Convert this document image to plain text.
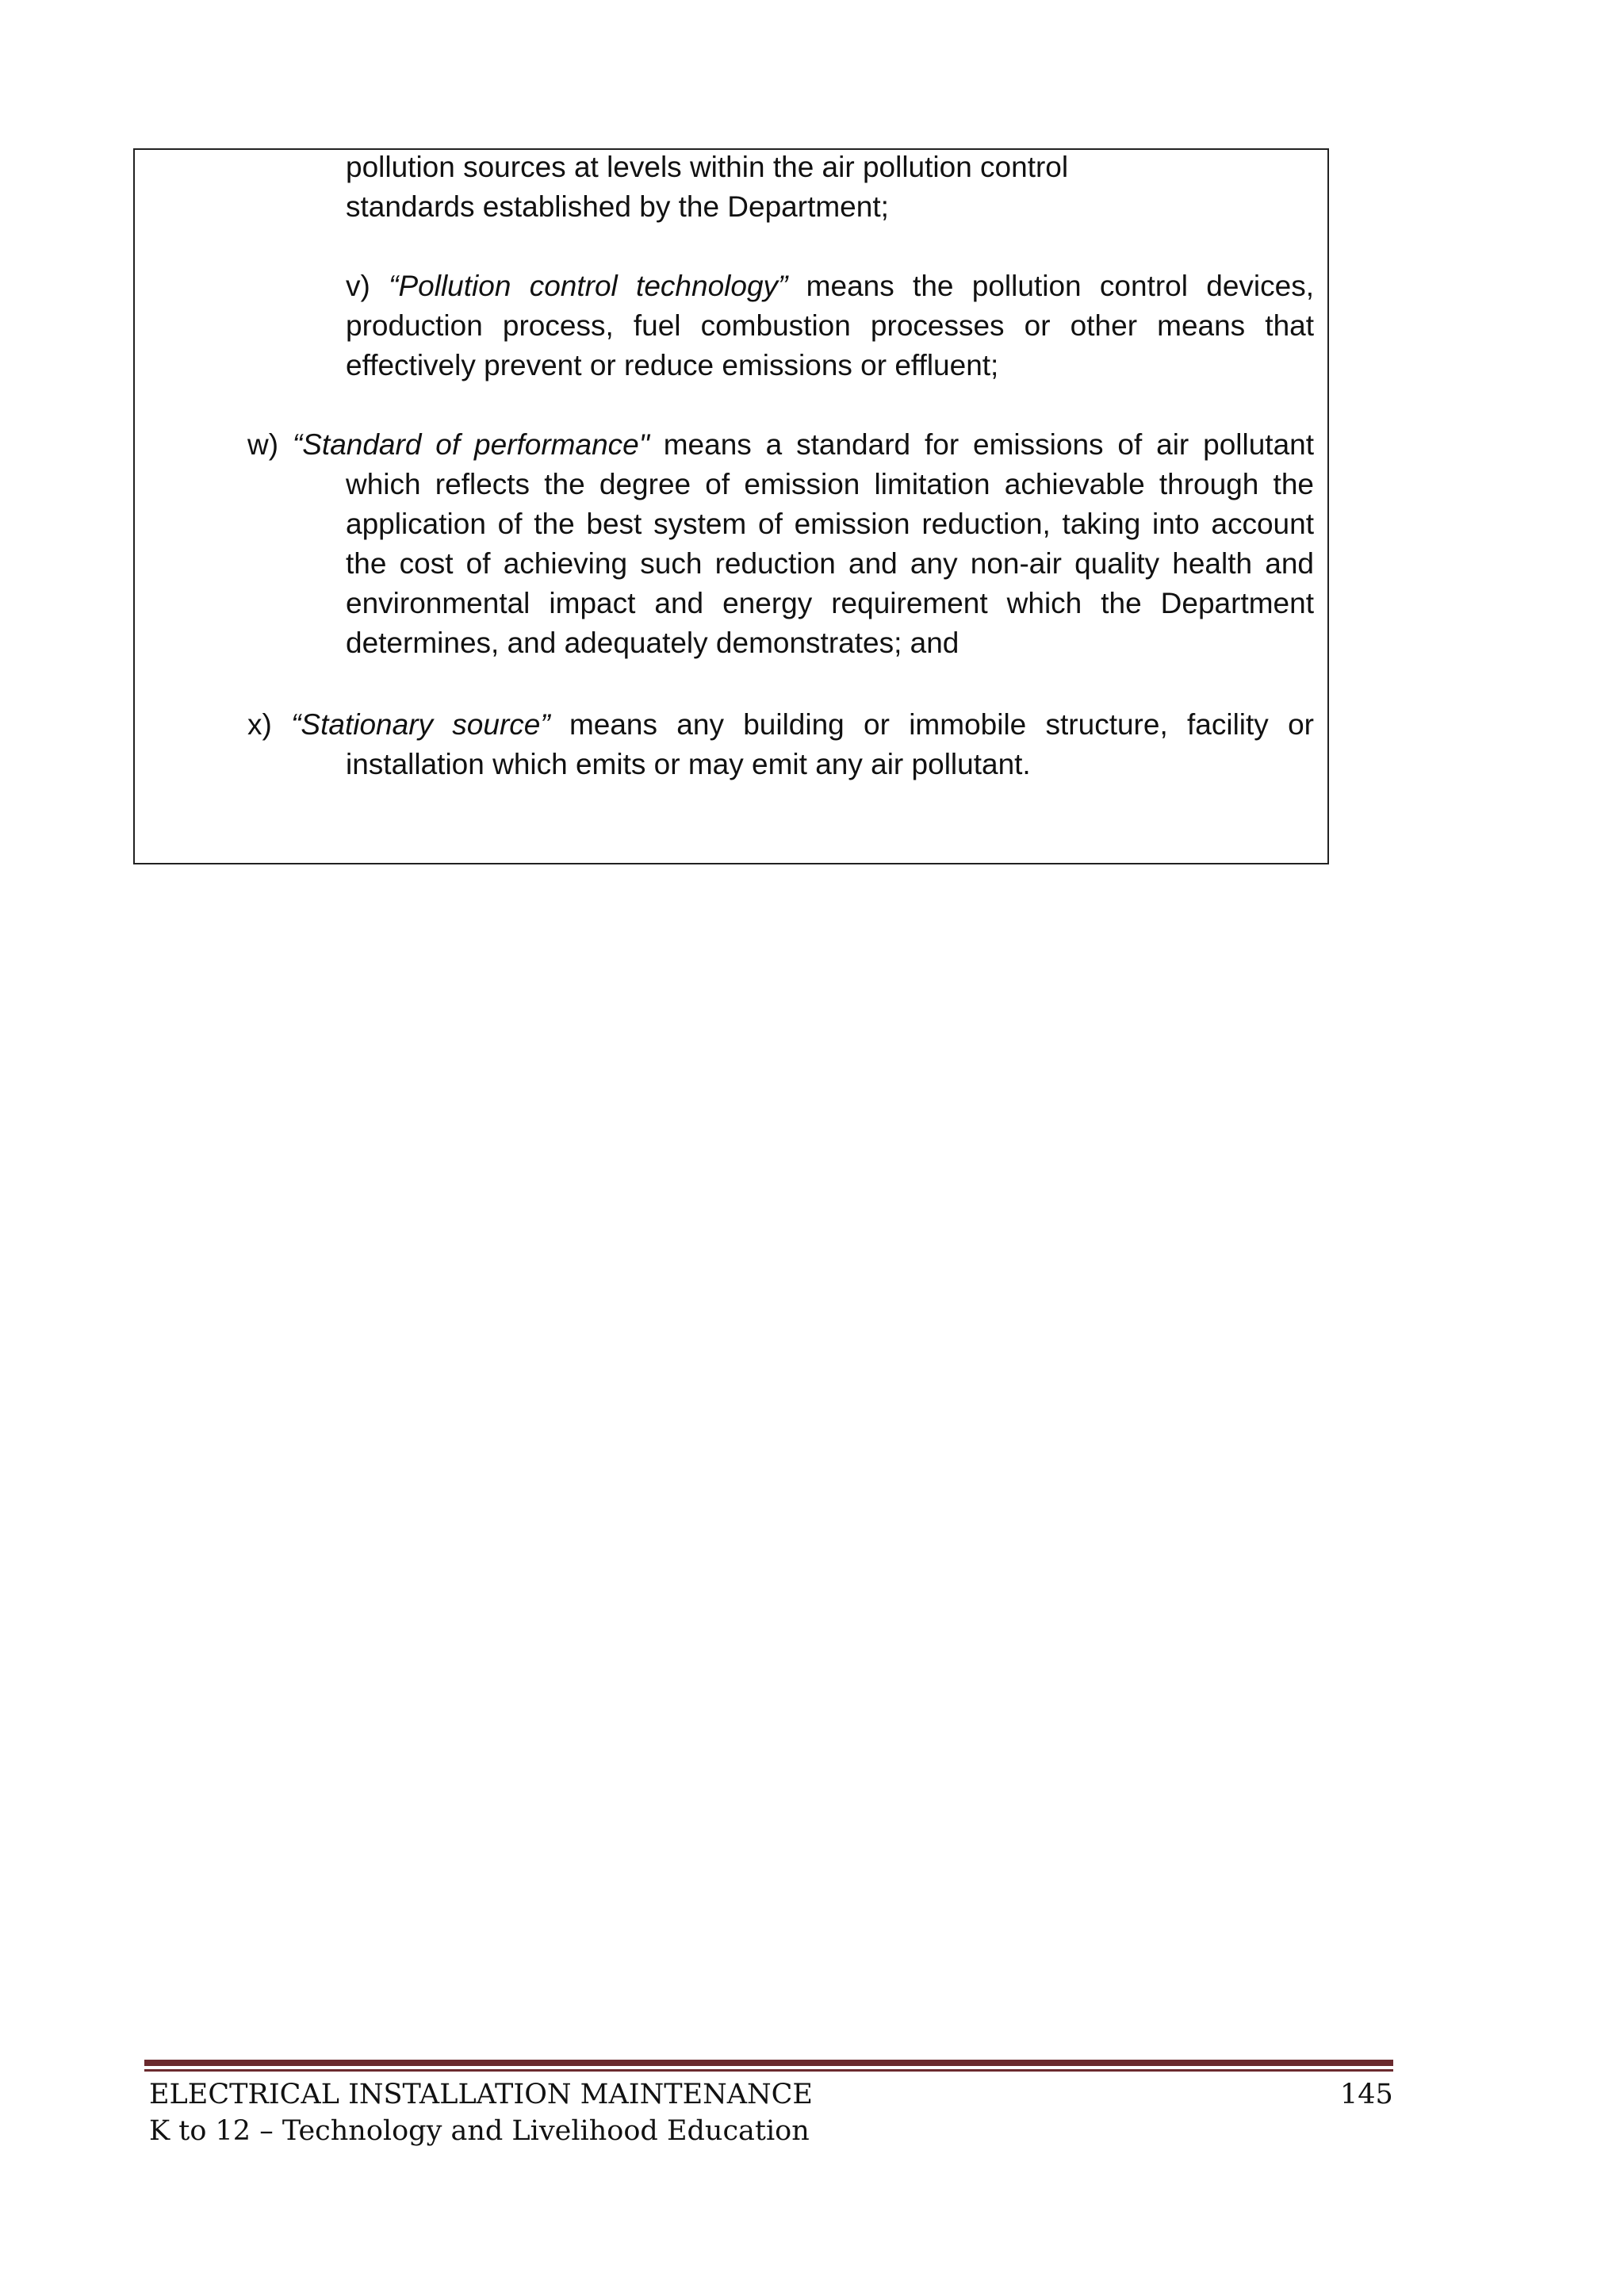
pollution sources at levels within the air pollution control
standards established by the Department;
v) “Pollution control technology” means the pollution control devices, production process, fuel combustion processes or other means that effectively prevent or reduce emissions or effluent;
w) “Standard of performance" means a standard for emissions of air pollutant which reflects the degree of emission limitation achievable through the application of the best system of emission reduction, taking into account the cost of achieving such reduction and any non-air quality health and environmental impact and energy requirement which the Department determines, and adequately demonstrates; and
x) “Stationary source” means any building or immobile structure, facility or installation which emits or may emit any air pollutant.
ELECTRICAL INSTALLATION MAINTENANCE
K to 12 – Technology and Livelihood Education
145
